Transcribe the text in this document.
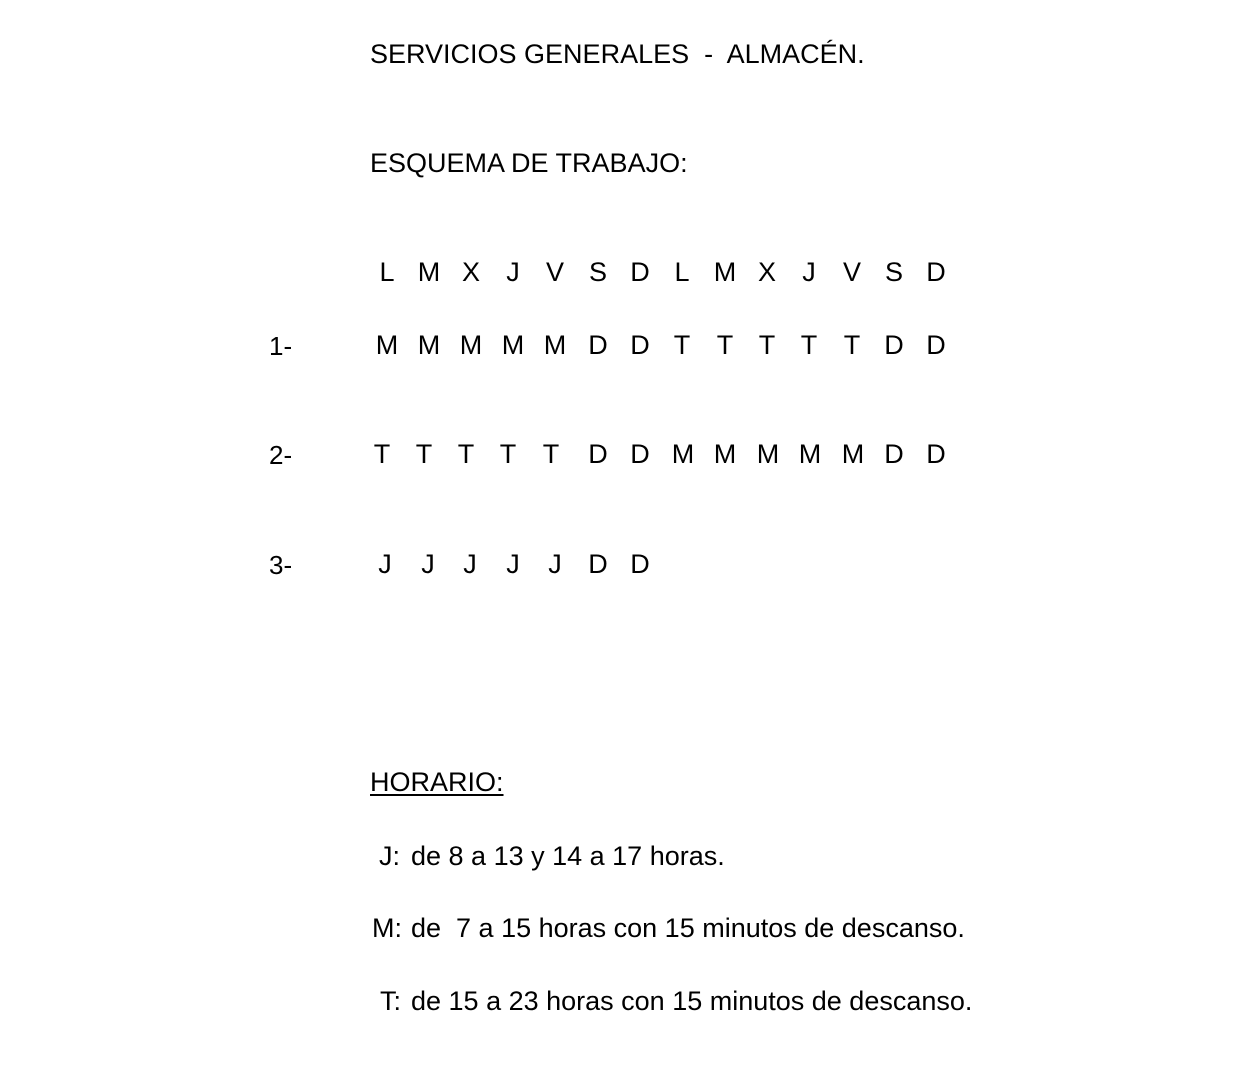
SERVICIOS GENERALES  -  ALMACÉN.
ESQUEMA DE TRABAJO:
L M X J V S D L M X J	V S D
1-	M M M M M D D T T T T T D D
2-	T T T T T D D M M M M M D D
3-	J	J	J	J	J D D
HORARIO:
J: de 8 a 13 y 14 a 17 horas.
M: de  7 a 15 horas con 15 minutos de descanso.
T: de 15 a 23 horas con 15 minutos de descanso.
